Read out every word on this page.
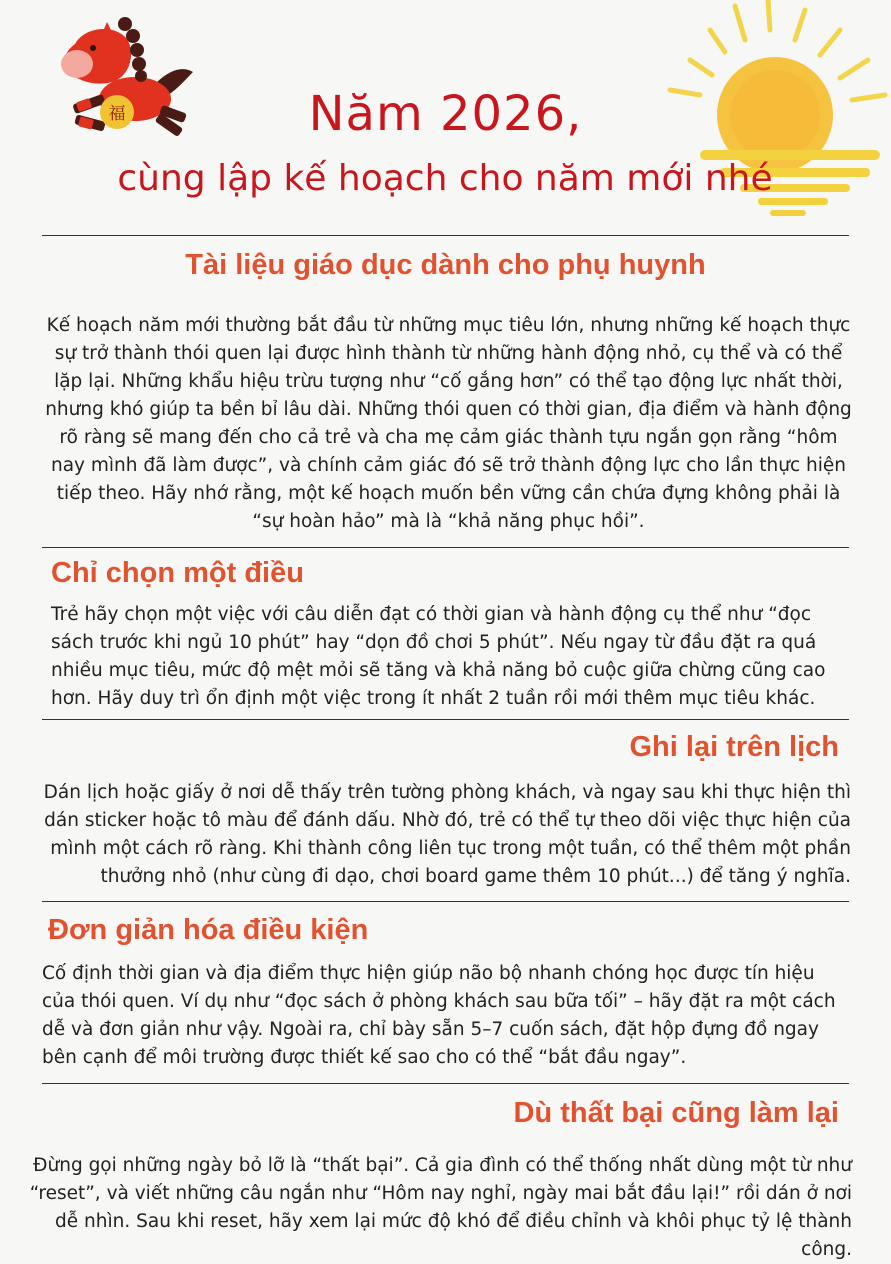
福	Năm 2026,
cùng lập kế hoạch cho năm mới nhé
Tài liệu giáo dục dành cho phụ huynh
Kế hoạch năm mới thường bắt đầu từ những mục tiêu lớn, nhưng những kế hoạch thực sự trở thành thói quen lại được hình thành từ những hành động nhỏ, cụ thể và có thể lặp lại. Những khẩu hiệu trừu tượng như “cố gắng hơn” có thể tạo động lực nhất thời, nhưng khó giúp ta bền bỉ lâu dài. Những thói quen có thời gian, địa điểm và hành động rõ ràng sẽ mang đến cho cả trẻ và cha mẹ cảm giác thành tựu ngắn gọn rằng “hôm nay mình đã làm được”, và chính cảm giác đó sẽ trở thành động lực cho lần thực hiện tiếp theo. Hãy nhớ rằng, một kế hoạch muốn bền vững cần chứa đựng không phải là “sự hoàn hảo” mà là “khả năng phục hồi”.
Chỉ chọn một điều
Trẻ hãy chọn một việc với câu diễn đạt có thời gian và hành động cụ thể như “đọc sách trước khi ngủ 10 phút” hay “dọn đồ chơi 5 phút”. Nếu ngay từ đầu đặt ra quá nhiều mục tiêu, mức độ mệt mỏi sẽ tăng và khả năng bỏ cuộc giữa chừng cũng cao hơn. Hãy duy trì ổn định một việc trong ít nhất 2 tuần rồi mới thêm mục tiêu khác.
Ghi lại trên lịch
Dán lịch hoặc giấy ở nơi dễ thấy trên tường phòng khách, và ngay sau khi thực hiện thì dán sticker hoặc tô màu để đánh dấu. Nhờ đó, trẻ có thể tự theo dõi việc thực hiện của mình một cách rõ ràng. Khi thành công liên tục trong một tuần, có thể thêm một phần thưởng nhỏ (như cùng đi dạo, chơi board game thêm 10 phút...) để tăng ý nghĩa.
Đơn giản hóa điều kiện
Cố định thời gian và địa điểm thực hiện giúp não bộ nhanh chóng học được tín hiệu của thói quen. Ví dụ như “đọc sách ở phòng khách sau bữa tối” – hãy đặt ra một cách dễ và đơn giản như vậy. Ngoài ra, chỉ bày sẵn 5–7 cuốn sách, đặt hộp đựng đồ ngay bên cạnh để môi trường được thiết kế sao cho có thể “bắt đầu ngay”.
Dù thất bại cũng làm lại
Đừng gọi những ngày bỏ lỡ là “thất bại”. Cả gia đình có thể thống nhất dùng một từ như “reset”, và viết những câu ngắn như “Hôm nay nghỉ, ngày mai bắt đầu lại!” rồi dán ở nơi dễ nhìn. Sau khi reset, hãy xem lại mức độ khó để điều chỉnh và khôi phục tỷ lệ thành công.
